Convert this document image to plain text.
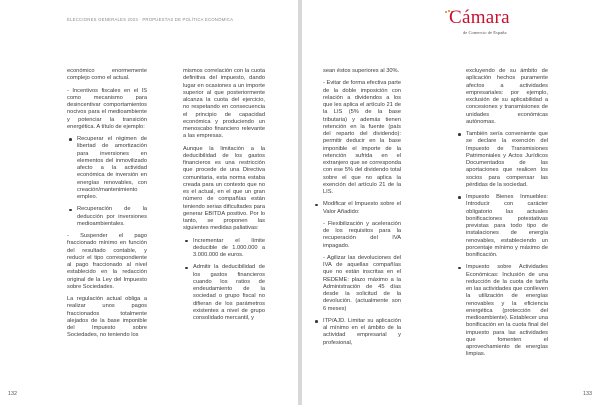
ELECCIONES GENERALES 2023 · PROPUESTAS DE POLÍTICA ECONÓMICA

económico enormemente complejo como el actual.

- Incentivos fiscales en el IS como mecanismo para desincentivar comportamientos nocivos para el medioambiente y potenciar la transición energética. A título de ejemplo:

Recuperar el régimen de libertad de amortización para inversiones en elementos del inmovilizado afecto a la actividad económica de inversión en energías renovables, con creación/mantenimiento empleo.
Recuperación de la deducción por inversiones medioambientales.

- Suspender el pago fraccionado mínimo en función del resultado contable, y reducir el tipo correspondiente al pago fraccionado al nivel establecido en la redacción original de la Ley del Impuesto sobre Sociedades.

La regulación actual obliga a realizar unos pagos fraccionados totalmente alejados de la base imponible del Impuesto sobre Sociedades, no teniendo los

mismos correlación con la cuota definitiva del impuesto, dando lugar en ocasiones a un importe superior al que posteriormente alcanza la cuota del ejercicio, no respetando en consecuencia el principio de capacidad económica y produciendo un menoscabo financiero relevante a las empresas.

Aunque la limitación a la deducibilidad de los gastos financieros es una restricción que procede de una Directiva comunitaria, esta norma estaba creada para un contexto que no es el actual, en el que un gran número de compañías están teniendo serias dificultades para generar EBITDA positivo. Por lo tanto, se proponen las siguientes medidas paliativas:

Incrementar el límite deducible de 1.000.000 a 3.000.000 de euros.
Admitir la deducibilidad de los gastos financieros cuando los ratios de endeudamiento de la sociedad o grupo fiscal no difieran de los parámetros existentes a nivel de grupo consolidado mercantil, y
132
Cámara
de Comercio de España

sean éstos superiores al 30%.

- Evitar de forma efectiva parte de la doble imposición con relación a dividendos a los que les aplica el artículo 21 de la LIS (5% de la base tributaria) y además tienen retención en la fuente (país del reparto del dividendo): permitir deducir en la base imponible el importe de la retención sufrida en el extranjero que se corresponda con ese 5% del dividendo total sobre el que no aplica la exención del artículo 21 de la LIS.

Modificar el Impuesto sobre el Valor Añadido:

- Flexibilización y aceleración de los requisitos para la recuperación del IVA impagado.

- Agilizar las devoluciones del IVA de aquellas compañías que no están inscritas en el REDEME: plazo máximo a la Administración de 45 días desde la solicitud de la devolución. (actualmente son 6 meses)

ITP/AJD. Limitar su aplicación al mínimo en el ámbito de la actividad empresarial y profesional,

excluyendo de su ámbito de aplicación hechos puramente afectos a actividades empresariales: por ejemplo, exclusión de su aplicabilidad a concesiones y transmisiones de unidades económicas autónomas.

También sería conveniente que se declare la exención del Impuesto de Transmisiones Patrimoniales y Actos Jurídicos Documentados de las aportaciones que realicen los socios para compensar las pérdidas de la sociedad.
Impuesto Bienes Inmuebles: Introducir con carácter obligatorio las actuales bonificaciones potestativas previstas para todo tipo de instalaciones de energía renovables, estableciendo un porcentaje mínimo y máximo de bonificación.
Impuesto sobre Actividades Económicas: Inclusión de una reducción de la cuota de tarifa en las actividades que conlleven la utilización de energías renovables y la eficiencia energética (protección del medioambiente). Establecer una bonificación en la cuota final del impuesto para las actividades que fomenten el aprovechamiento de energías limpias.
133
